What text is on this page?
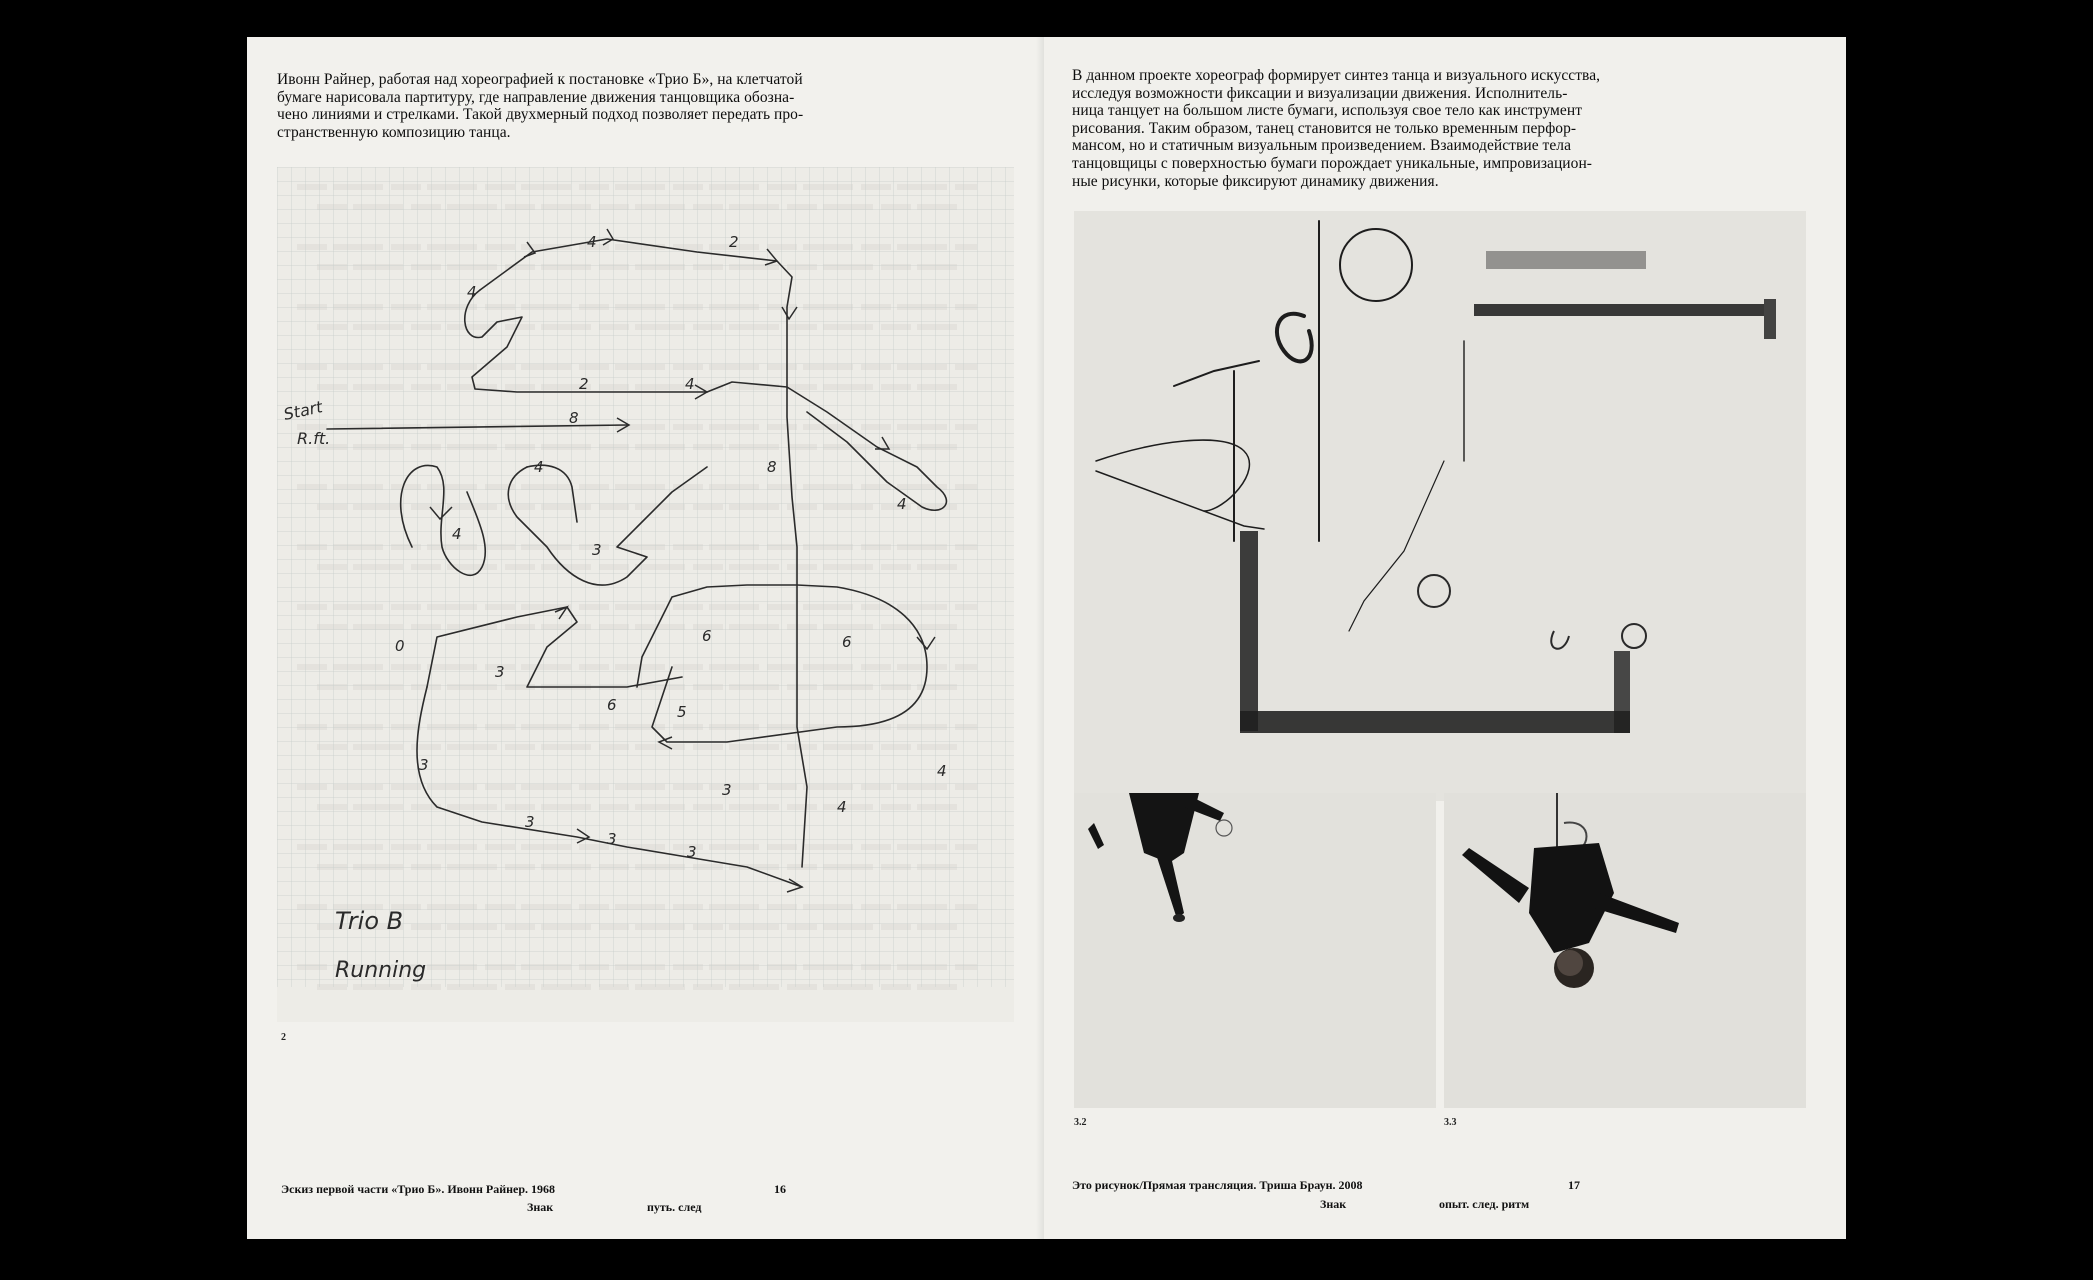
Ивонн Райнер, работая над хореографией к постановке «Трио Б», на клетчатой
бумаге нарисовала партитуру, где направление движения танцовщика обозна-
чено линиями и стрелками. Такой двухмерный подход позволяет передать про-
странственную композицию танца.
2
4
4
2	4
8
8
4
4
3
4
6
0
3
6	5
3
3
3
3
6
4
4
3
Start
R.ft.
Trio B
Running
2
Эскиз первой части «Трио Б». Ивонн Райнер. 1968	16
Знак	путь. след
В данном проекте хореограф формирует синтез танца и визуального искусства,
исследуя возможности фиксации и визуализации движения. Исполнитель-
ница танцует на большом листе бумаги, используя свое тело как инструмент
рисования. Таким образом, танец становится не только временным перфор-
мансом, но и статичным визуальным произведением. Взаимодействие тела
танцовщицы с поверхностью бумаги порождает уникальные, импровизацион-
ные рисунки, которые фиксируют динамику движения.
3.2	3.3
Это рисунок/Прямая трансляция. Триша Браун. 2008	17
Знак	опыт. след. ритм
